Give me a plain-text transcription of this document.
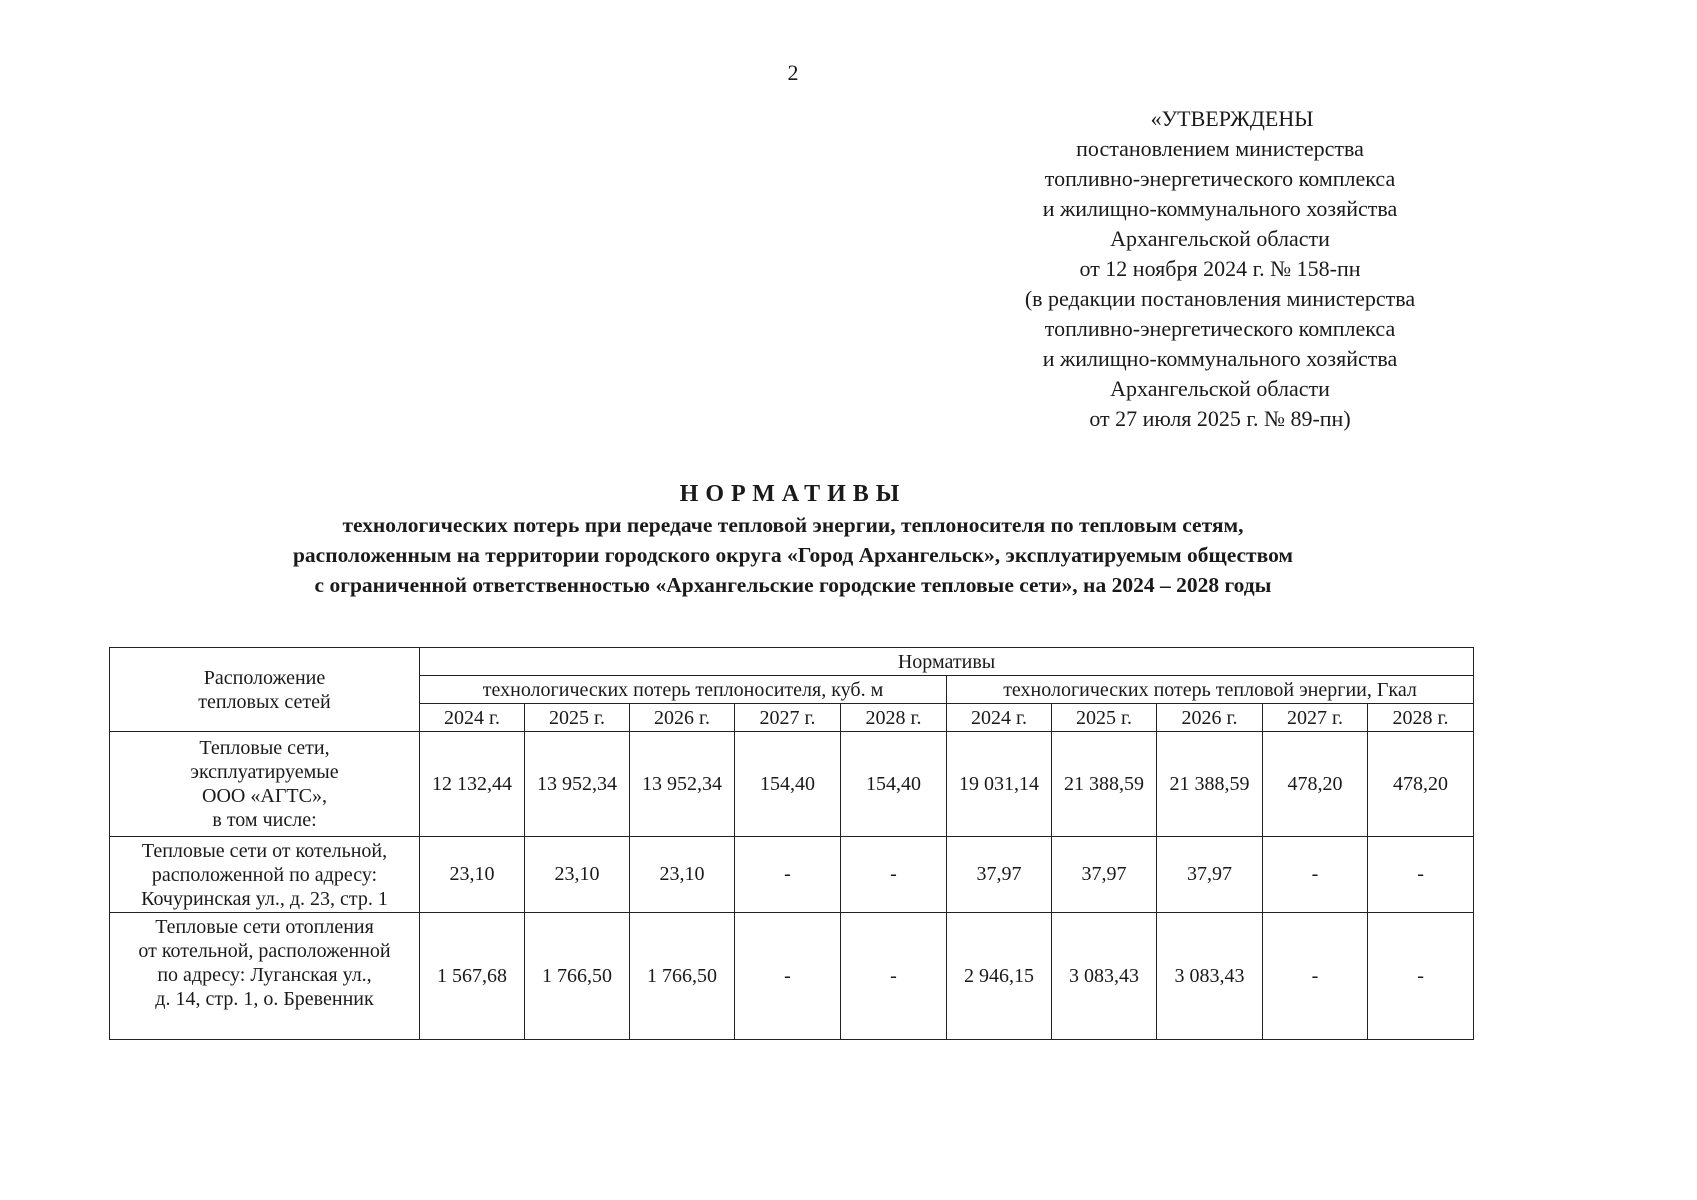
2
«УТВЕРЖДЕНЫ
постановлением министерства
топливно-энергетического комплекса
и жилищно-коммунального хозяйства
Архангельской области
от 12 ноября 2024 г. № 158-пн
(в редакции постановления министерства
топливно-энергетического комплекса
и жилищно-коммунального хозяйства
Архангельской области
от 27 июля 2025 г. № 89-пн)
НОРМАТИВЫ
технологических потерь при передаче тепловой энергии, теплоносителя по тепловым сетям,
расположенным на территории городского округа «Город Архангельск», эксплуатируемым обществом
с ограниченной ответственностью «Архангельские городские тепловые сети», на 2024 – 2028 годы
Расположение
тепловых сетей	Нормативы									
	технологических потерь теплоносителя, куб. м					технологических потерь тепловой энергии, Гкал				
	2024 г.	2025 г.	2026 г.	2027 г.	2028 г.	2024 г.	2025 г.	2026 г.	2027 г.	2028 г.

Тепловые сети,
эксплуатируемые
ООО «АГТС»,
в том числе:	12 132,44	13 952,34	13 952,34	154,40	154,40	19 031,14	21 388,59	21 388,59	478,20	478,20

Тепловые сети от котельной,
расположенной по адресу:
Кочуринская ул., д. 23, стр. 1	23,10	23,10	23,10	-	-	37,97	37,97	37,97	-	-

Тепловые сети отопления
от котельной, расположенной
по адресу: Луганская ул.,
д. 14, стр. 1, о. Бревенник	1 567,68	1 766,50	1 766,50	-	-	2 946,15	3 083,43	3 083,43	-	-
